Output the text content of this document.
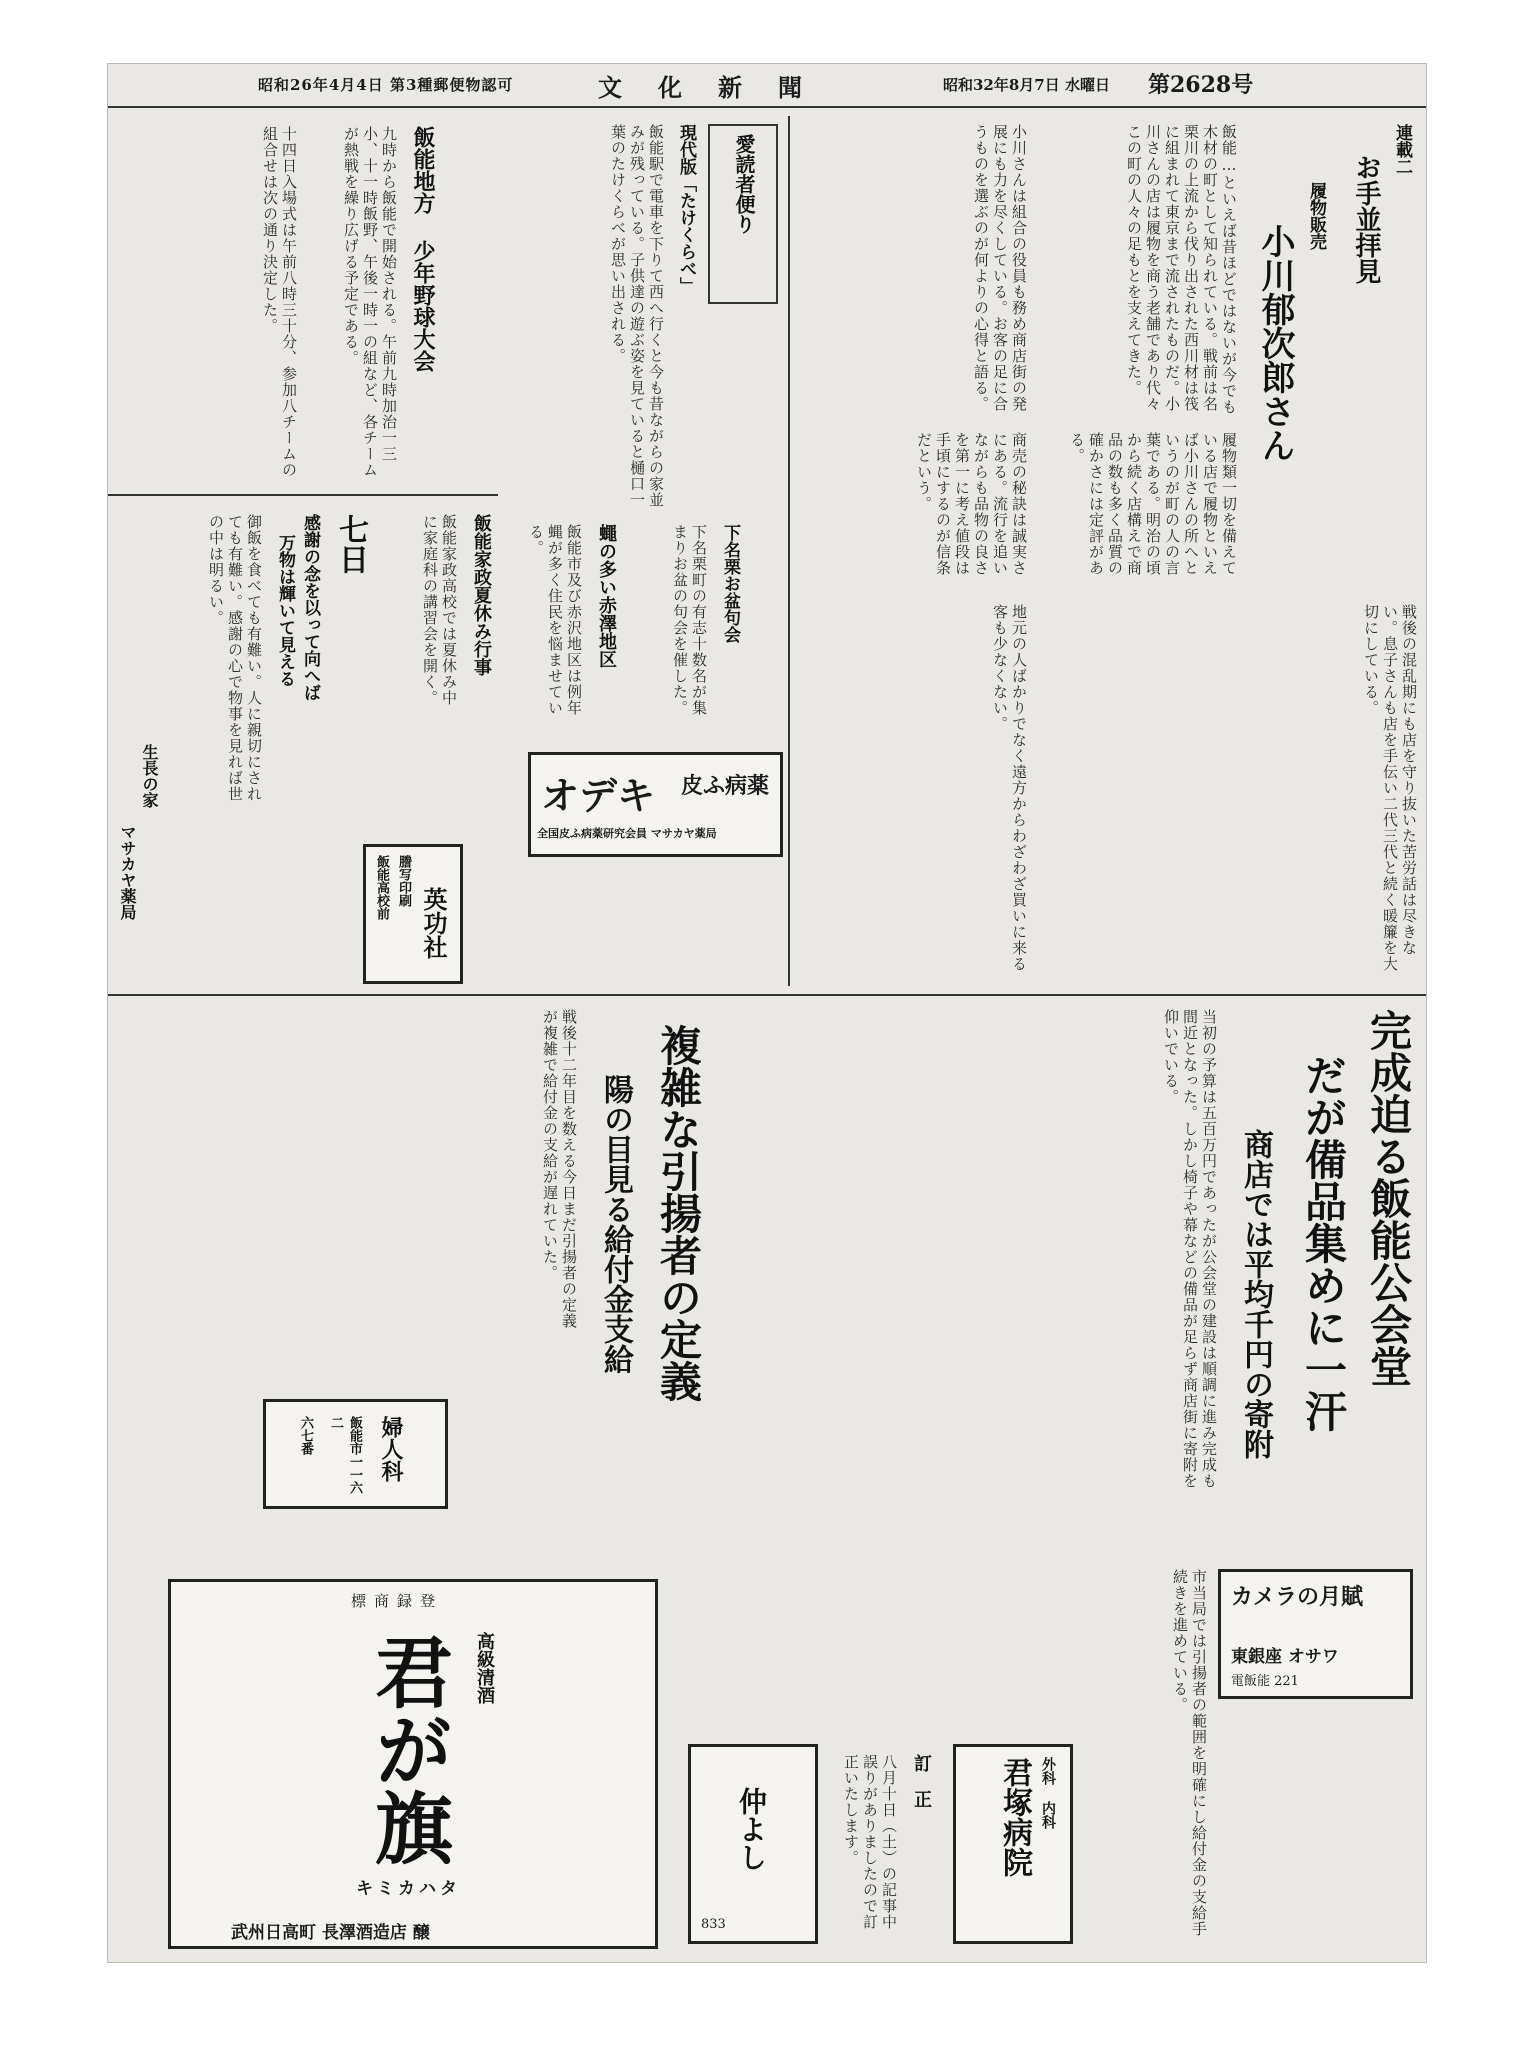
昭和26年4月4日 第3種郵便物認可	文　化　新　聞	昭和32年8月7日 水曜日 第2628号
連載二
お手並拝見
履物販売
小川郁次郎さん
飯能…といえば昔ほどではないが今でも木材の町として知られている。戦前は名栗川の上流から伐り出された西川材は筏に組まれて東京まで流されたものだ。小川さんの店は履物を商う老舗であり代々この町の人々の足もとを支えてきた。
履物類一切を備えている店で履物といえば小川さんの所へというのが町の人の言葉である。明治の頃から続く店構えで商品の数も多く品質の確かさには定評がある。
小川さんは組合の役員も務め商店街の発展にも力を尽くしている。お客の足に合うものを選ぶのが何よりの心得と語る。
商売の秘訣は誠実さにある。流行を追いながらも品物の良さを第一に考え値段は手頃にするのが信条だという。
戦後の混乱期にも店を守り抜いた苦労話は尽きない。息子さんも店を手伝い二代三代と続く暖簾を大切にしている。
地元の人ばかりでなく遠方からわざわざ買いに来る客も少なくない。
愛読者便り
現代版「たけくらべ」
飯能駅で電車を下りて西へ行くと今も昔ながらの家並みが残っている。子供達の遊ぶ姿を見ていると樋口一葉のたけくらべが思い出される。
飯能地方 少年野球大会
九時から飯能で開始される。午前九時加治一三小、十一時飯野、午後一時一の組など、各チームが熱戦を繰り広げる予定である。
十四日入場式は午前八時三十分、参加八チームの組合せは次の通り決定した。
七日
感謝の念を以って向へば
万物は輝いて見える
御飯を食べても有難い。人に親切にされても有難い。感謝の心で物事を見れば世の中は明るい。
生長の家
マサカヤ薬局
飯能家政夏休み行事
飯能家政高校では夏休み中に家庭科の講習会を開く。	蠅の多い赤澤地区
飯能市及び赤沢地区は例年蝿が多く住民を悩ませている。	下名栗お盆句会
下名栗町の有志十数名が集まりお盆の句会を催した。
オデキ 皮ふ病薬
全国皮ふ病薬研究会員 マサカヤ薬局
英功社
謄写印刷
飯能高校前
完成迫る飯能公会堂
だが備品集めに一汗
商店では平均千円の寄附
当初の予算は五百万円であったが公会堂の建設は順調に進み完成も間近となった。しかし椅子や幕などの備品が足らず商店街に寄附を仰いでいる。
カメラの月賦
東銀座 オサワ
電飯能 221
市当局では引揚者の範囲を明確にし給付金の支給手続きを進めている。
外科 内科
君塚病院
訂　正
八月十日（土）の記事中誤りがありましたので訂正いたします。
仲よし
833
複雑な引揚者の定義
陽の目見る給付金支給
戦後十二年目を数える今日まだ引揚者の定義が複雑で給付金の支給が遅れていた。
婦人科
飯能市一一六二
六七番
標商録登
君が旗	高級清酒
キミカハタ
武州日高町 長澤酒造店 醸
